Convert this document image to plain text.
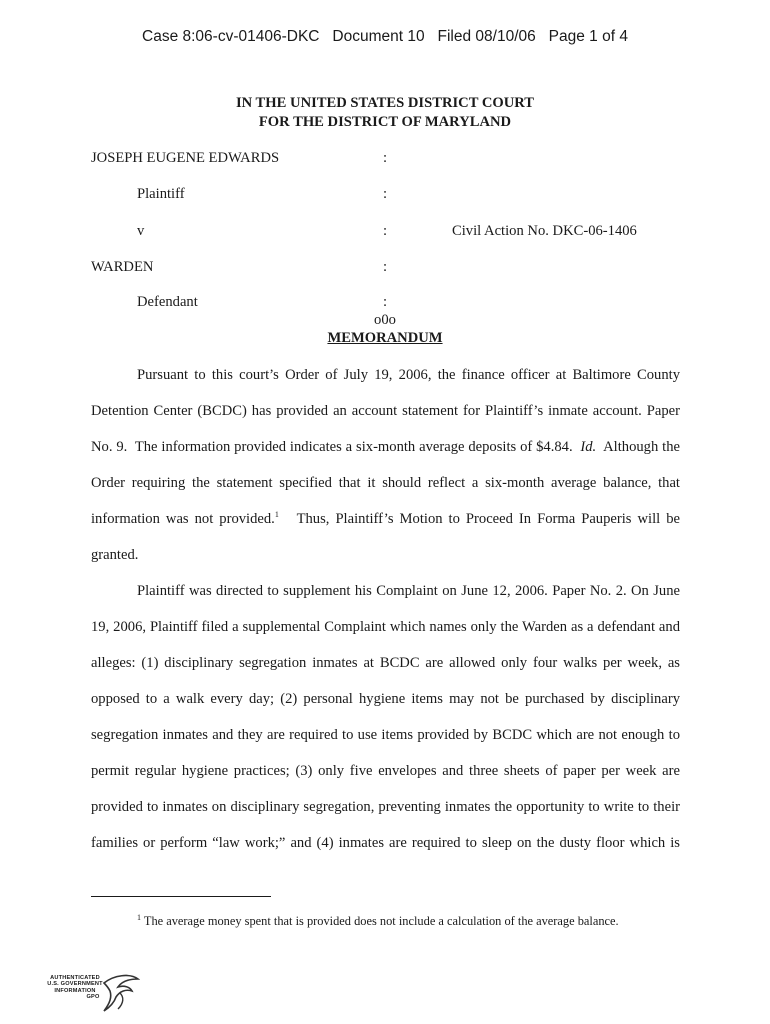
Case 8:06-cv-01406-DKC   Document 10   Filed 08/10/06   Page 1 of 4
IN THE UNITED STATES DISTRICT COURT
FOR THE DISTRICT OF MARYLAND
JOSEPH EUGENE EDWARDS	:
Plaintiff	:
v	:	Civil Action No. DKC-06-1406
WARDEN	:
Defendant	:
o0o
MEMORANDUM
Pursuant to this court’s Order of July 19, 2006, the finance officer at Baltimore County
Detention Center (BCDC) has provided an account statement for Plaintiff’s inmate account. Paper
No. 9.  The information provided indicates a six-month average deposits of $4.84.  Id.  Although the
Order requiring the statement specified that it should reflect a six-month average balance, that
information was not provided.$^1$   Thus, Plaintiff’s Motion to Proceed In Forma Pauperis will be
granted.
Plaintiff was directed to supplement his Complaint on June 12, 2006. Paper No. 2. On June
19, 2006, Plaintiff filed a supplemental Complaint which names only the Warden as a defendant and
alleges: (1) disciplinary segregation inmates at BCDC are allowed only four walks per week, as
opposed to a walk every day; (2) personal hygiene items may not be purchased by disciplinary
segregation inmates and they are required to use items provided by BCDC which are not enough to
permit regular hygiene practices; (3) only five envelopes and three sheets of paper per week are
provided to inmates on disciplinary segregation, preventing inmates the opportunity to write to their
families or perform “law work;” and (4) inmates are required to sleep on the dusty floor which is
$^1$ The average money spent that is provided does not include a calculation of the average balance.
AUTHENTICATED
U.S. GOVERNMENT
INFORMATION
GPO
